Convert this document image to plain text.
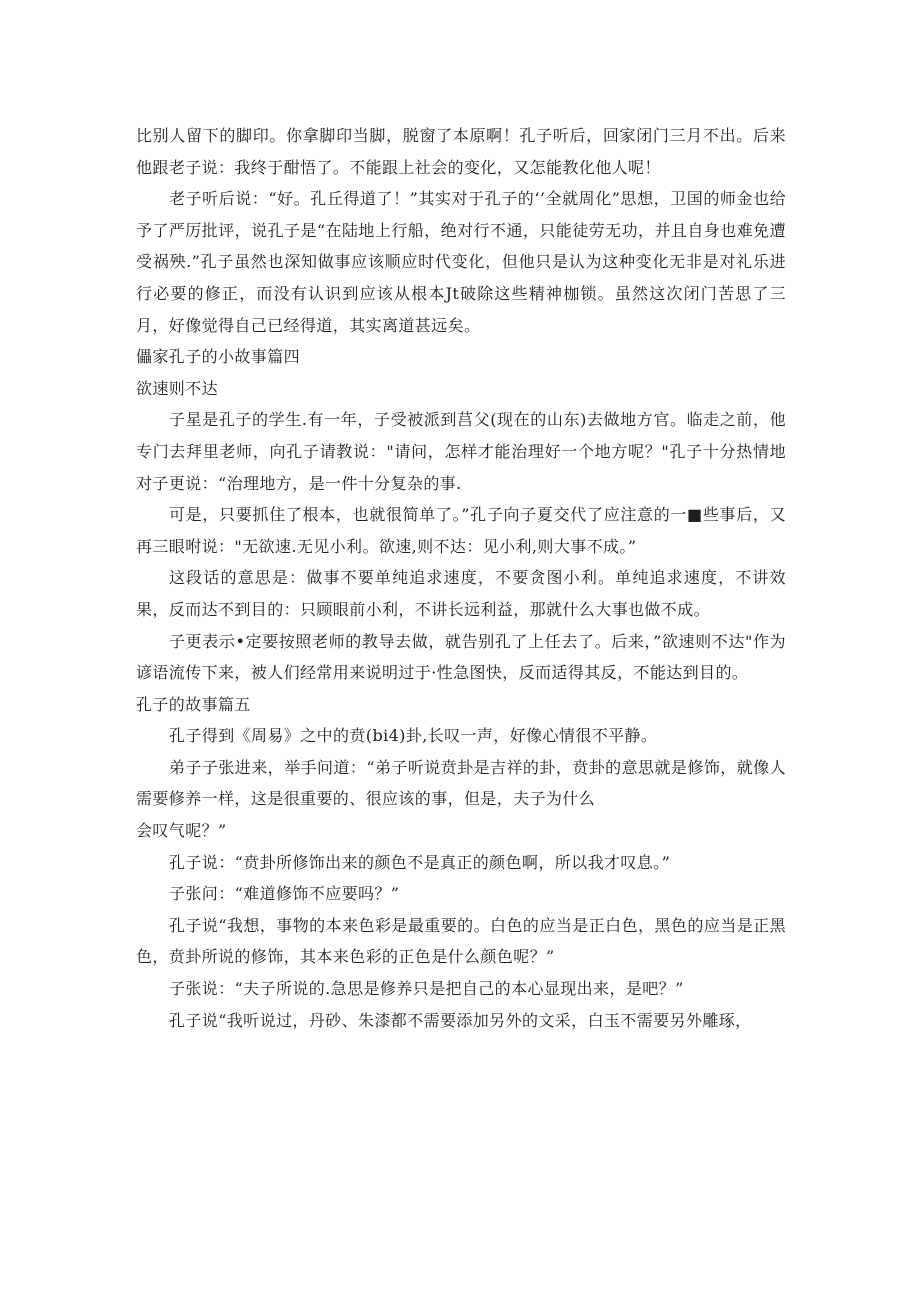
比别人留下的脚印。你拿脚印当脚，脱窗了本原啊！孔子听后，回家闭门三月不出。后来他跟老子说：我终于酣悟了。不能跟上社会的变化，又怎能教化他人呢！

老子听后说：“好。孔丘得道了！”其实对于孔子的‘’全就周化”思想，卫国的师金也给予了严厉批评，说孔子是“在陆地上行船，绝对行不通，只能徒劳无功，并且自身也难免遭受祸殃.”孔子虽然也深知做事应该顺应时代变化，但他只是认为这种变化无非是对礼乐进行必要的修正，而没有认识到应该从根本Jt破除这些精神枷锁。虽然这次闭门苦思了三月，好像觉得自己已经得道，其实离道甚远矣。

儡家孔子的小故事篇四

欲速则不达

子星是孔子的学生.有一年，子受被派到莒父(现在的山东)去做地方官。临走之前，他专门去拜里老师，向孔子请教说："请问，怎样才能治理好一个地方呢？"孔子十分热情地对子更说：“治理地方，是一件十分复杂的事.

可是，只要抓住了根本，也就很简单了。”孔子向子夏交代了应注意的一■些事后，又再三眼咐说："无欲速.无见小利。欲速,则不达：见小利,则大事不成。”

这段话的意思是：做事不要单纯追求速度，不要贪图小利。单纯追求速度，不讲效果，反而达不到目的：只顾眼前小利，不讲长远利益，那就什么大事也做不成。

子更表示•定要按照老师的教导去做，就告别孔了上任去了。后来，”欲速则不达"作为谚语流传下来，被人们经常用来说明过于·性急图快，反而适得其反，不能达到目的。

孔子的故事篇五

孔子得到《周易》之中的贲(bi4)卦,长叹一声，好像心情很不平静。

弟子子张进来，举手问道：“弟子听说贲卦是吉祥的卦，贲卦的意思就是修饰，就像人需要修养一样，这是很重要的、很应该的事，但是，夫子为什么

会叹气呢？”

孔子说：“贲卦所修饰出来的颜色不是真正的颜色啊，所以我才叹息。”

子张问：“难道修饰不应要吗？”

孔子说“我想，事物的本来色彩是最重要的。白色的应当是正白色，黑色的应当是正黑色，贲卦所说的修饰，其本来色彩的正色是什么颜色呢？”

子张说：“夫子所说的.急思是修养只是把自己的本心显现出来，是吧？”

孔子说“我听说过，丹砂、朱漆都不需要添加另外的文采，白玉不需要另外雕琢，
